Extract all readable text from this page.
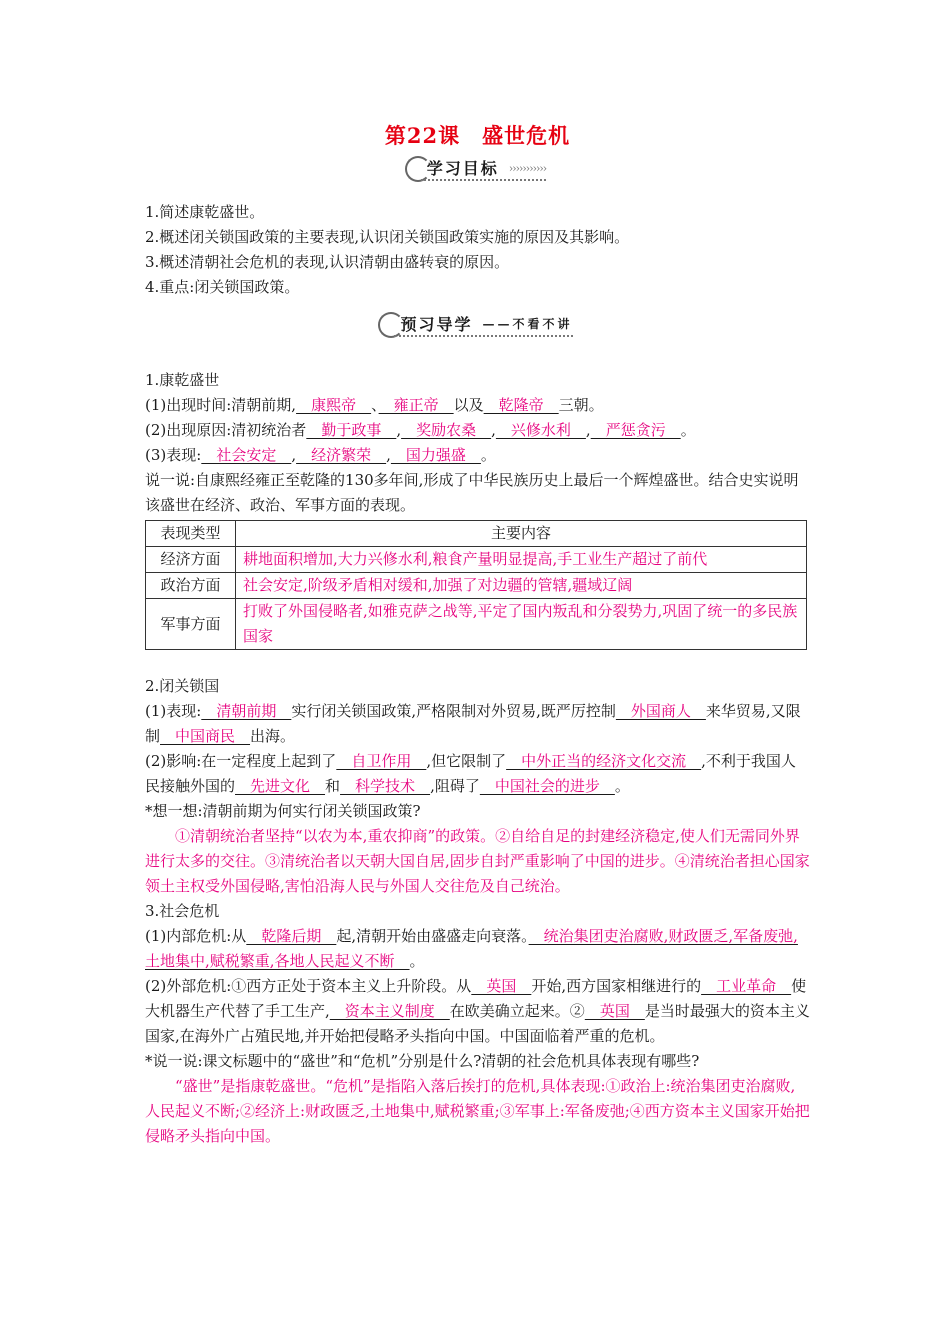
第22课　盛世危机
学习目标 ›››››››››››

1.简述康乾盛世。

2.概述闭关锁国政策的主要表现,认识闭关锁国政策实施的原因及其影响。

3.概述清朝社会危机的表现,认识清朝由盛转衰的原因。

4.重点:闭关锁国政策。

预习导学 ——不看不讲

1.康乾盛世

(1)出现时间:清朝前期,　康熙帝　、　雍正帝　以及　乾隆帝　三朝。

(2)出现原因:清初统治者　勤于政事　,　奖励农桑　,　兴修水利　,　严惩贪污　。

(3)表现:　社会安定　,　经济繁荣　,　国力强盛　。

说一说:自康熙经雍正至乾隆的130多年间,形成了中华民族历史上最后一个辉煌盛世。结合史实说明该盛世在经济、政治、军事方面的表现。

表现类型	主要内容
经济方面	耕地面积增加,大力兴修水利,粮食产量明显提高,手工业生产超过了前代
政治方面	社会安定,阶级矛盾相对缓和,加强了对边疆的管辖,疆域辽阔
军事方面	打败了外国侵略者,如雅克萨之战等,平定了国内叛乱和分裂势力,巩固了统一的多民族国家

2.闭关锁国

(1)表现:　清朝前期　实行闭关锁国政策,严格限制对外贸易,既严厉控制　外国商人　来华贸易,又限制　中国商民　出海。

(2)影响:在一定程度上起到了　自卫作用　,但它限制了　中外正当的经济文化交流　,不利于我国人民接触外国的　先进文化　和　科学技术　,阻碍了　中国社会的进步　。

*想一想:清朝前期为何实行闭关锁国政策?

①清朝统治者坚持“以农为本,重农抑商”的政策。②自给自足的封建经济稳定,使人们无需同外界进行太多的交往。③清统治者以天朝大国自居,固步自封严重影响了中国的进步。④清统治者担心国家领土主权受外国侵略,害怕沿海人民与外国人交往危及自己统治。

3.社会危机

(1)内部危机:从　乾隆后期　起,清朝开始由盛盛走向衰落。　统治集团吏治腐败,财政匮乏,军备废弛,土地集中,赋税繁重,各地人民起义不断　。

(2)外部危机:①西方正处于资本主义上升阶段。从　英国　开始,西方国家相继进行的　工业革命　使大机器生产代替了手工生产,　资本主义制度　在欧美确立起来。②　英国　是当时最强大的资本主义国家,在海外广占殖民地,并开始把侵略矛头指向中国。中国面临着严重的危机。

*说一说:课文标题中的“盛世”和“危机”分别是什么?清朝的社会危机具体表现有哪些?

“盛世”是指康乾盛世。“危机”是指陷入落后挨打的危机,具体表现:①政治上:统治集团吏治腐败,人民起义不断;②经济上:财政匮乏,土地集中,赋税繁重;③军事上:军备废弛;④西方资本主义国家开始把侵略矛头指向中国。
